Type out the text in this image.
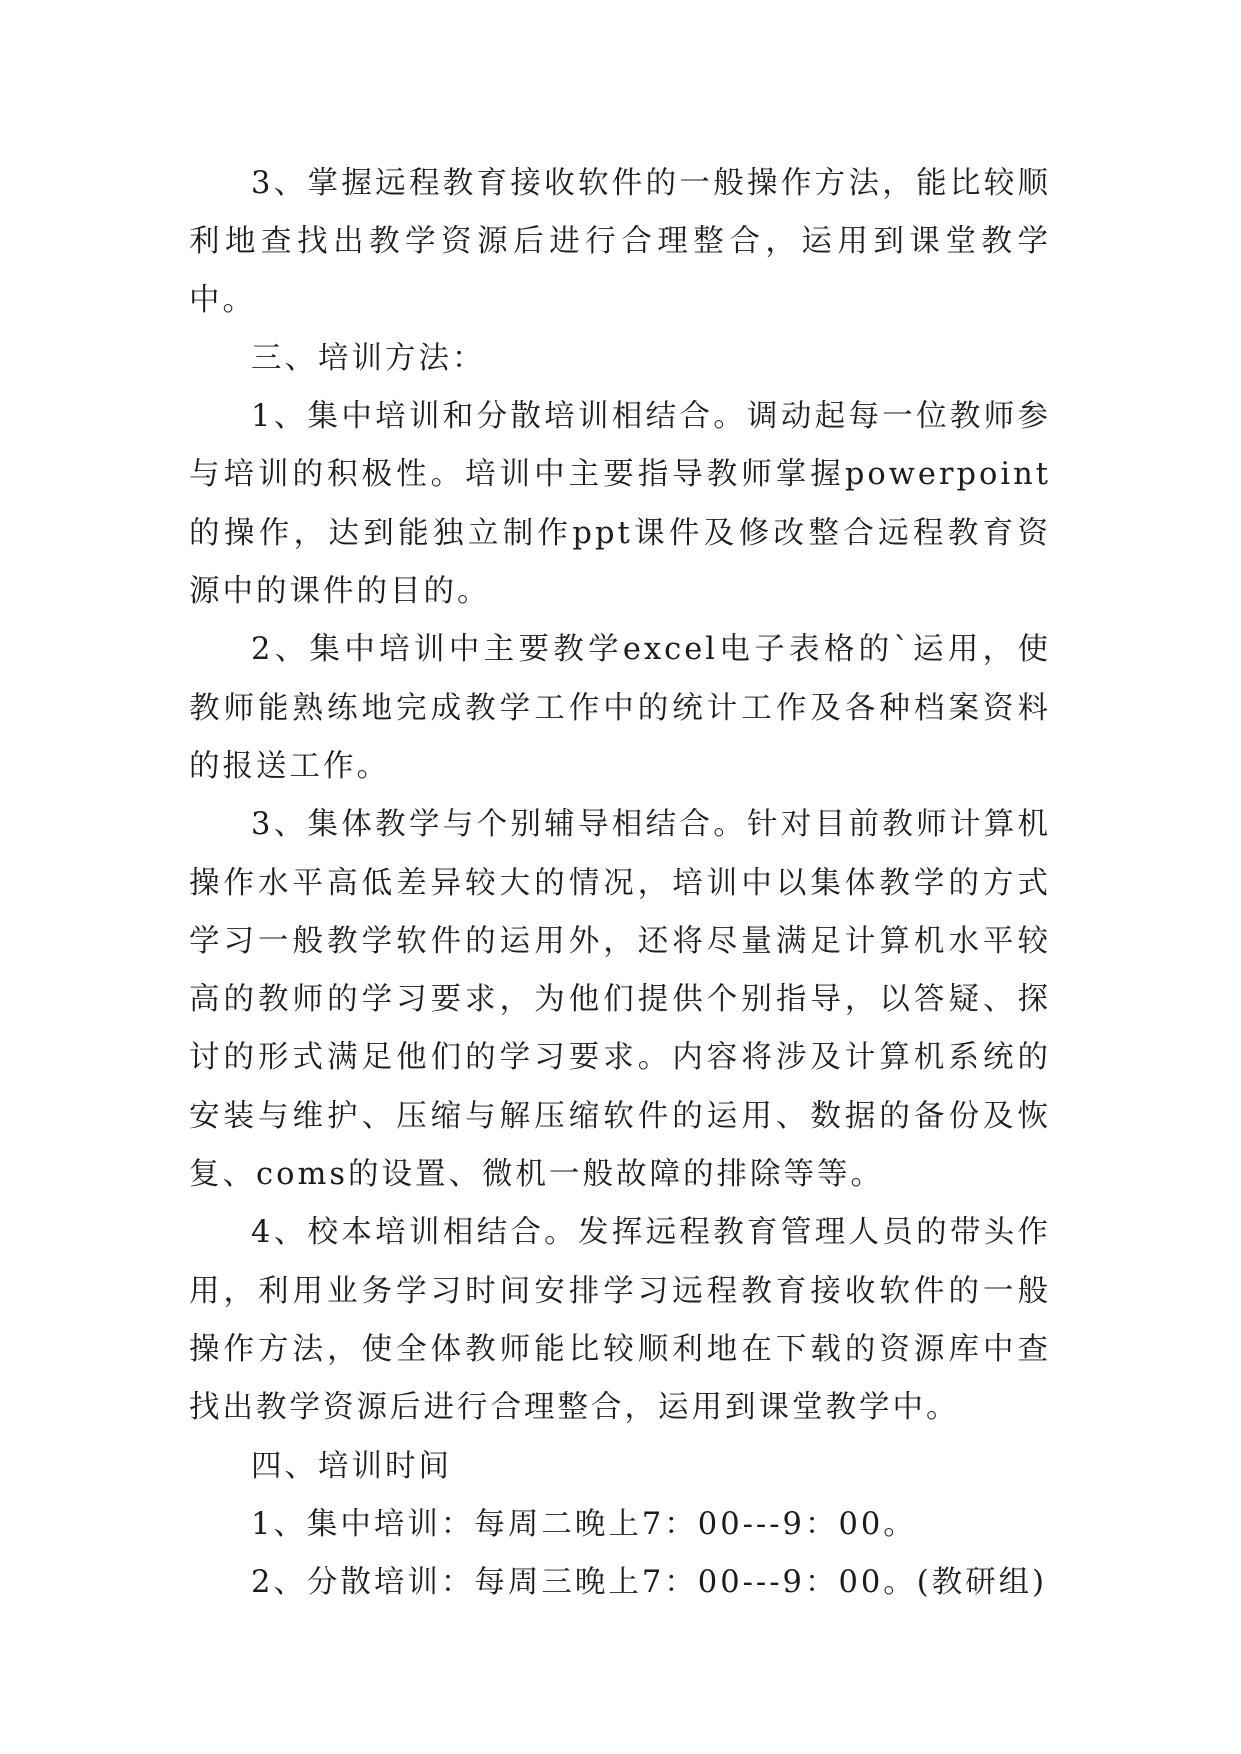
3、掌握远程教育接收软件的一般操作方法，能比较顺利地查找出教学资源后进行合理整合，运用到课堂教学中。

三、培训方法：

1、集中培训和分散培训相结合。调动起每一位教师参与培训的积极性。培训中主要指导教师掌握powerpoint的操作，达到能独立制作ppt课件及修改整合远程教育资源中的课件的目的。

2、集中培训中主要教学excel电子表格的`运用，使教师能熟练地完成教学工作中的统计工作及各种档案资料的报送工作。

3、集体教学与个别辅导相结合。针对目前教师计算机操作水平高低差异较大的情况，培训中以集体教学的方式学习一般教学软件的运用外，还将尽量满足计算机水平较高的教师的学习要求，为他们提供个别指导，以答疑、探讨的形式满足他们的学习要求。内容将涉及计算机系统的安装与维护、压缩与解压缩软件的运用、数据的备份及恢复、coms的设置、微机一般故障的排除等等。

4、校本培训相结合。发挥远程教育管理人员的带头作用，利用业务学习时间安排学习远程教育接收软件的一般操作方法，使全体教师能比较顺利地在下载的资源库中查找出教学资源后进行合理整合，运用到课堂教学中。

四、培训时间

1、集中培训：每周二晚上7：00---9：00。

2、分散培训：每周三晚上7：00---9：00。(教研组)
